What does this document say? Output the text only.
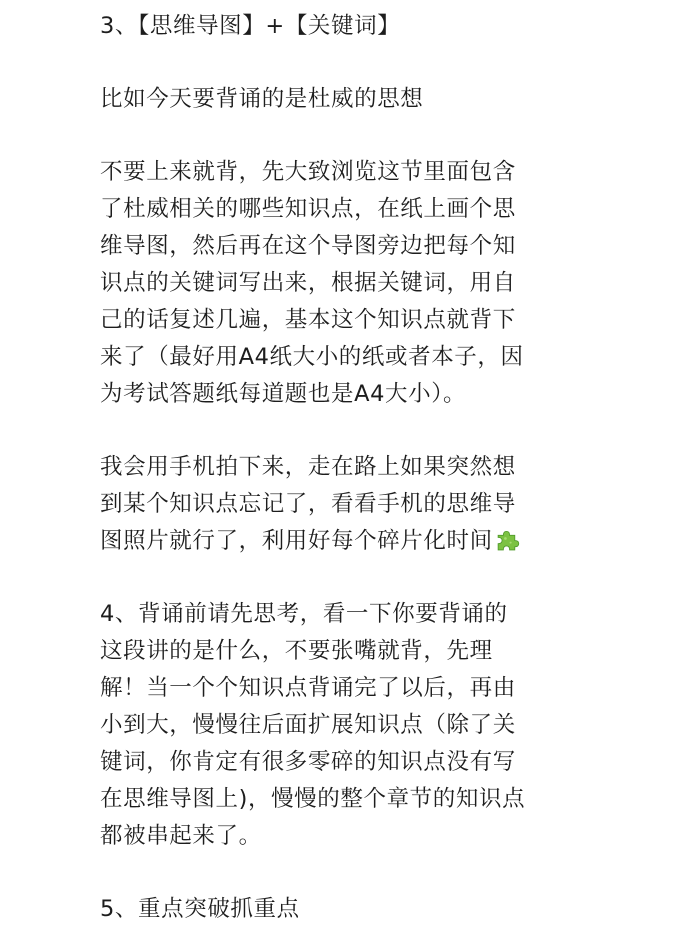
3、【思维导图】+【关键词】
比如今天要背诵的是杜威的思想
不要上来就背，先大致浏览这节里面包含
了杜威相关的哪些知识点，在纸上画个思
维导图，然后再在这个导图旁边把每个知
识点的关键词写出来，根据关键词，用自
己的话复述几遍，基本这个知识点就背下
来了（最好用A4纸大小的纸或者本子，因
为考试答题纸每道题也是A4大小）。
我会用手机拍下来，走在路上如果突然想
到某个知识点忘记了，看看手机的思维导
图照片就行了，利用好每个碎片化时间
4、背诵前请先思考，看一下你要背诵的
这段讲的是什么，不要张嘴就背，先理
解！当一个个知识点背诵完了以后，再由
小到大，慢慢往后面扩展知识点（除了关
键词，你肯定有很多零碎的知识点没有写
在思维导图上)，慢慢的整个章节的知识点
都被串起来了。
5、重点突破抓重点
